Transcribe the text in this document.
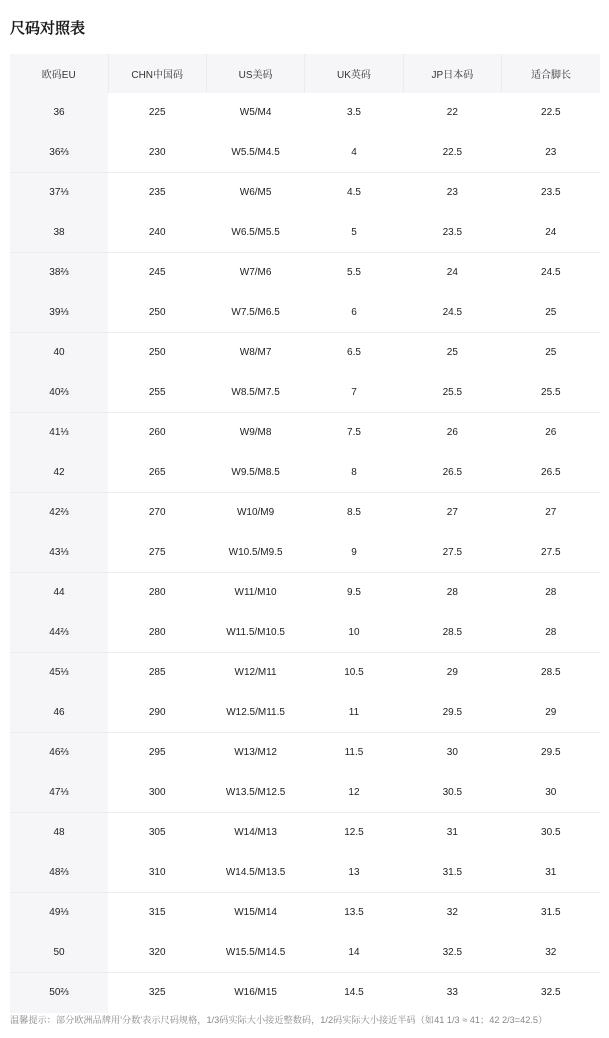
尺码对照表
欧码EU	CHN中国码	US美码	UK英码	JP日本码	适合脚长
36	225	W5/M4	3.5	22	22.5
36⅔	230	W5.5/M4.5	4	22.5	23
37⅓	235	W6/M5	4.5	23	23.5
38	240	W6.5/M5.5	5	23.5	24
38⅔	245	W7/M6	5.5	24	24.5
39⅓	250	W7.5/M6.5	6	24.5	25
40	250	W8/M7	6.5	25	25
40⅔	255	W8.5/M7.5	7	25.5	25.5
41⅓	260	W9/M8	7.5	26	26
42	265	W9.5/M8.5	8	26.5	26.5
42⅔	270	W10/M9	8.5	27	27
43⅓	275	W10.5/M9.5	9	27.5	27.5
44	280	W11/M10	9.5	28	28
44⅔	280	W11.5/M10.5	10	28.5	28
45⅓	285	W12/M11	10.5	29	28.5
46	290	W12.5/M11.5	11	29.5	29
46⅔	295	W13/M12	11.5	30	29.5
47⅓	300	W13.5/M12.5	12	30.5	30
48	305	W14/M13	12.5	31	30.5
48⅔	310	W14.5/M13.5	13	31.5	31
49⅓	315	W15/M14	13.5	32	31.5
50	320	W15.5/M14.5	14	32.5	32
50⅔	325	W16/M15	14.5	33	32.5
温馨提示：部分欧洲品牌用'分数'表示尺码规格，1/3码实际大小接近整数码，1/2码实际大小接近半码（如41 1/3 ≈ 41；42 2/3=42.5）
